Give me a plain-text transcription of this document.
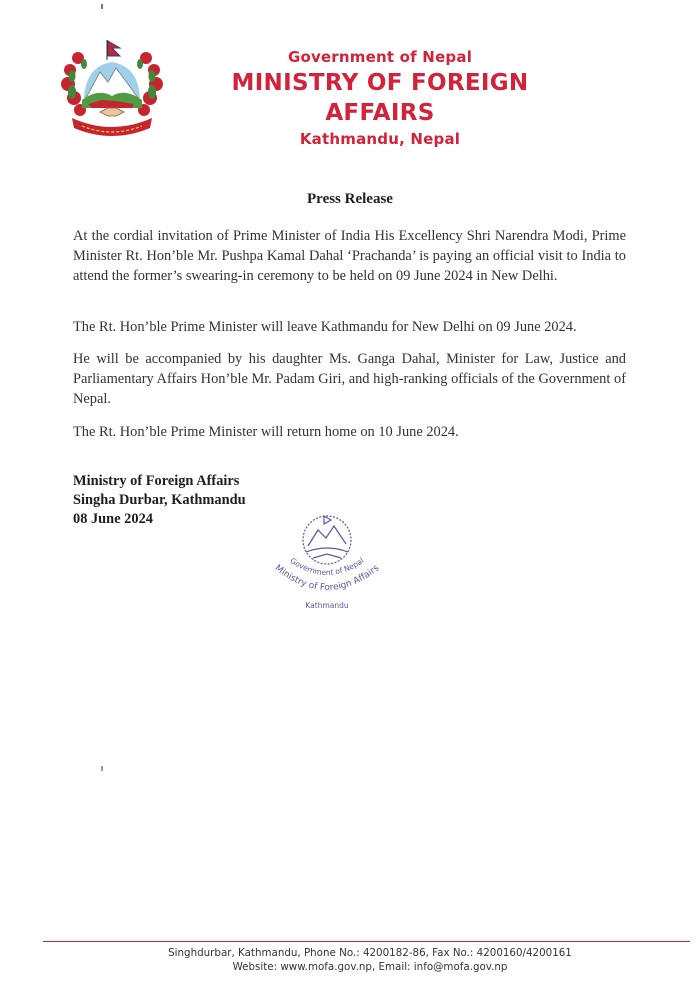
Government of Nepal
MINISTRY OF FOREIGN AFFAIRS
Kathmandu, Nepal
Press Release

At the cordial invitation of Prime Minister of India His Excellency Shri Narendra Modi, Prime Minister Rt. Hon’ble Mr. Pushpa Kamal Dahal ‘Prachanda’ is paying an official visit to India to attend the former’s swearing-in ceremony to be held on 09 June 2024 in New Delhi.

The Rt. Hon’ble Prime Minister will leave Kathmandu for New Delhi on 09 June 2024.

He will be accompanied by his daughter Ms. Ganga Dahal, Minister for Law, Justice and Parliamentary Affairs Hon’ble Mr. Padam Giri, and high-ranking officials of the Government of Nepal.

The Rt. Hon’ble Prime Minister will return home on 10 June 2024.

Ministry of Foreign Affairs
Singha Durbar, Kathmandu
08 June 2024
Government of Nepal
Ministry of Foreign Affairs
Kathmandu
Singhdurbar, Kathmandu, Phone No.: 4200182-86, Fax No.: 4200160/4200161
Website: www.mofa.gov.np, Email: info@mofa.gov.np
